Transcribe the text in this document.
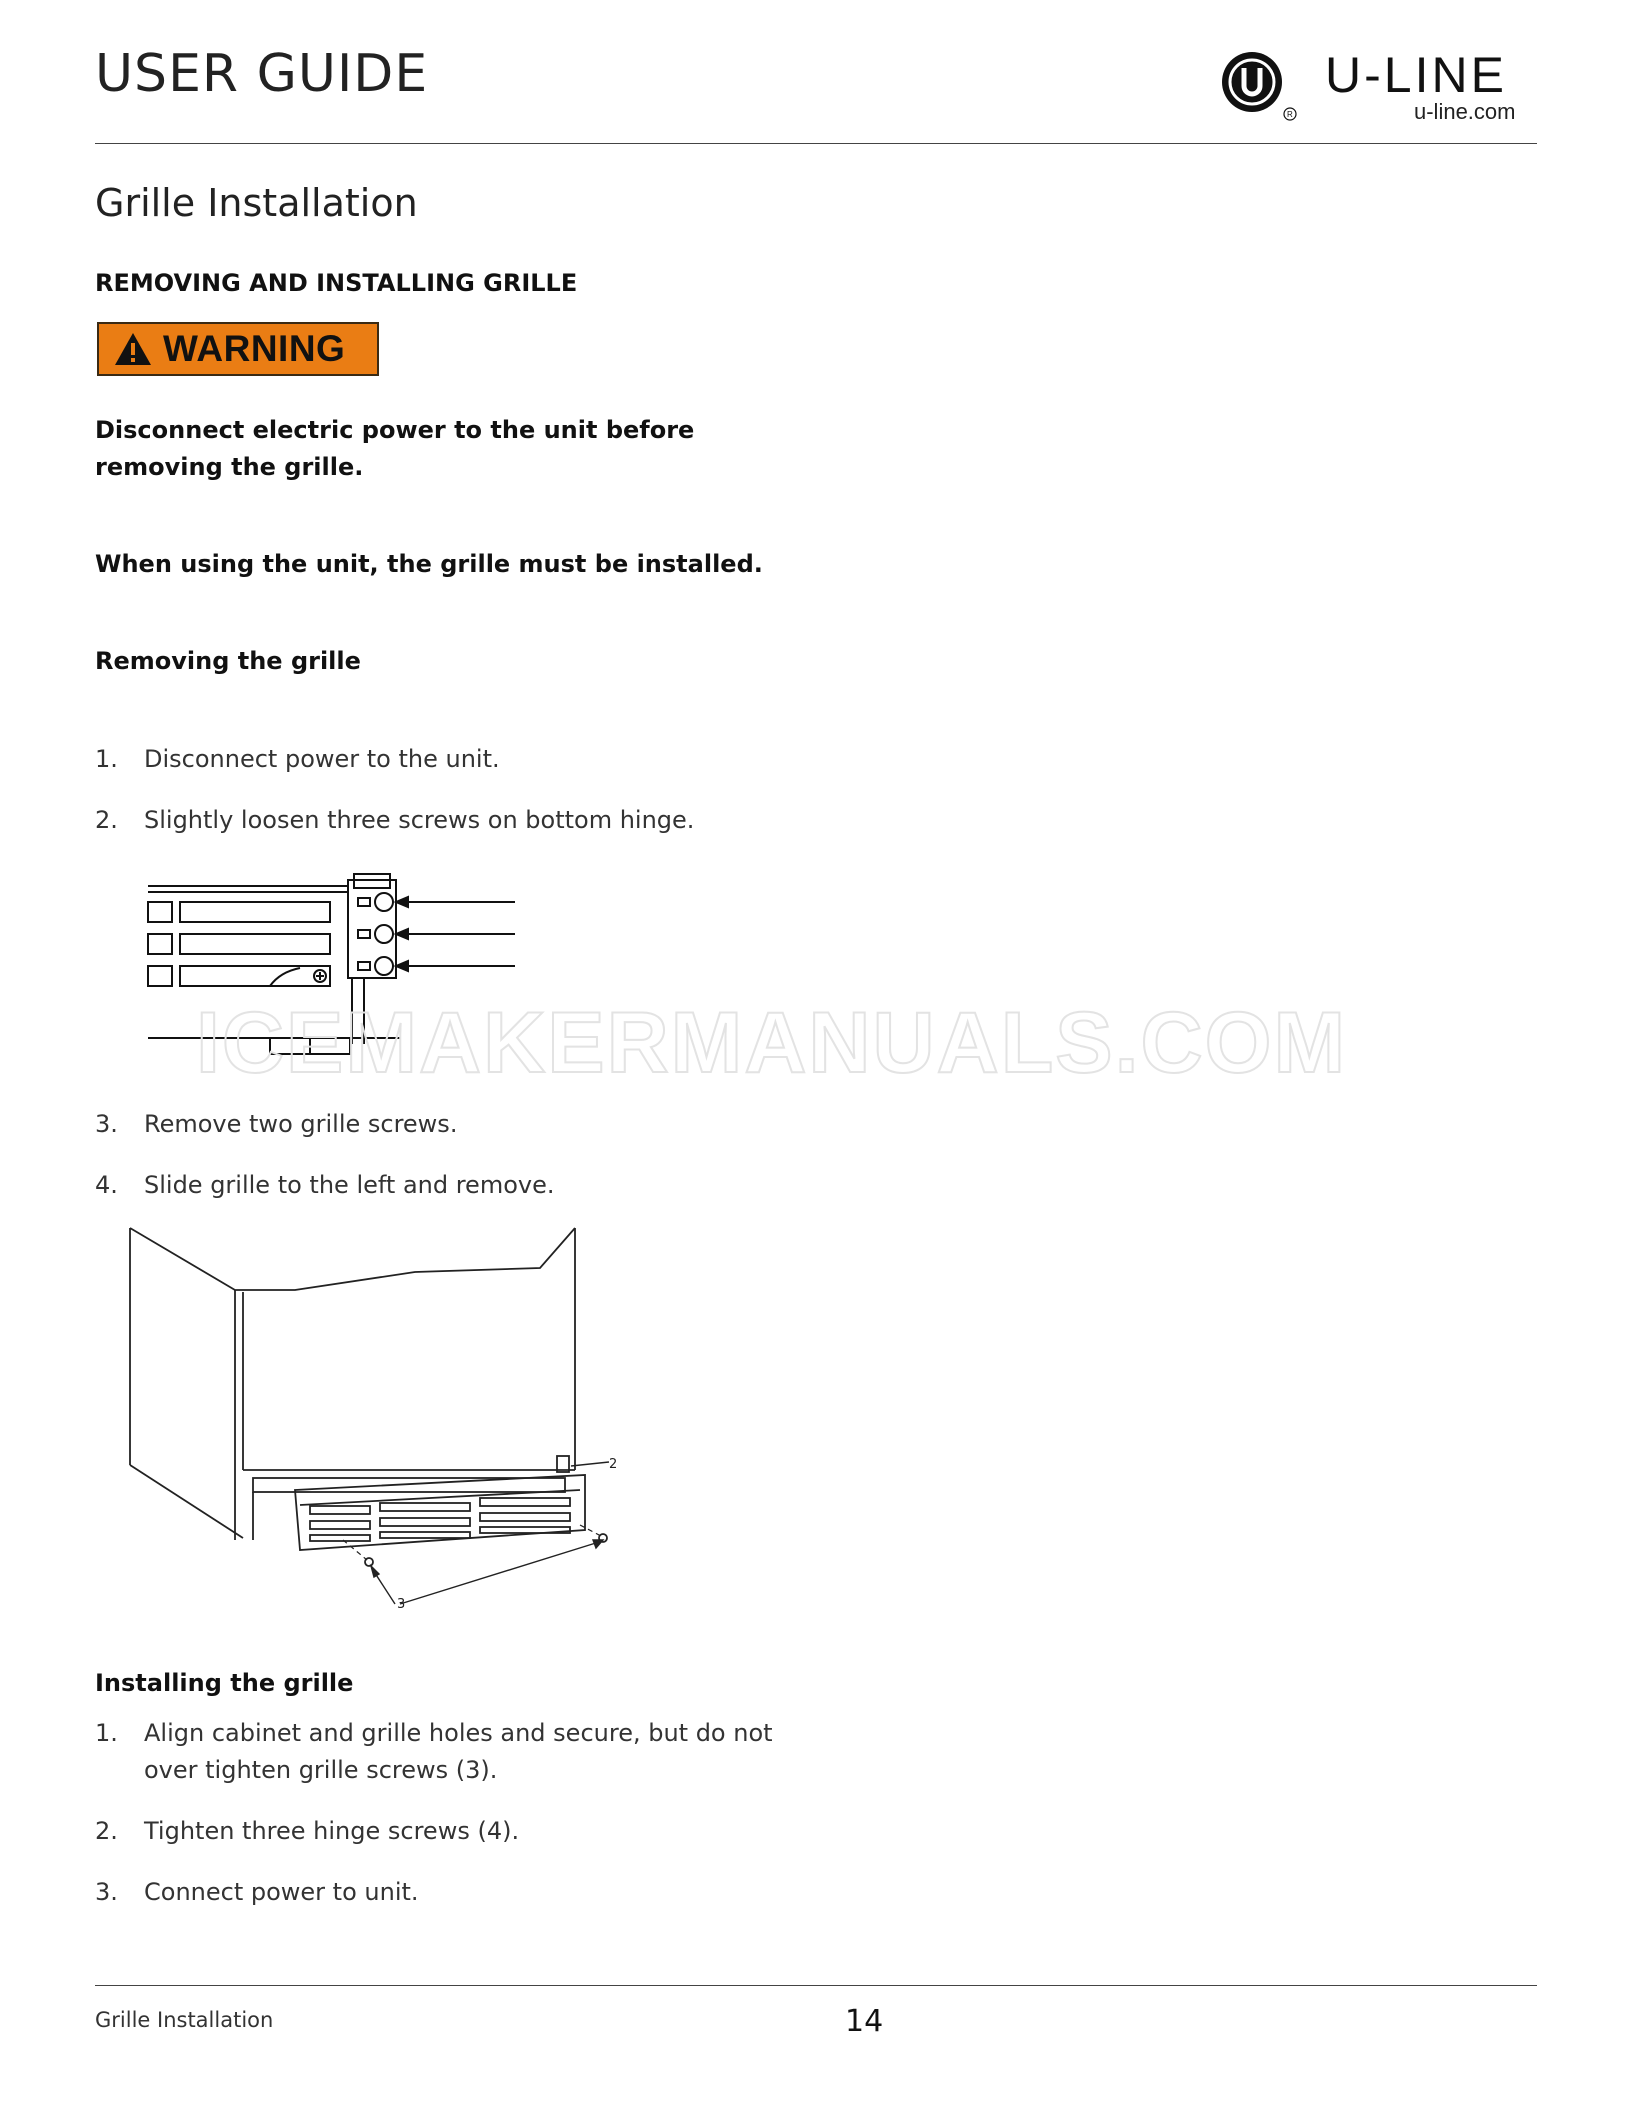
USER GUIDE
R
U-LINE
u-line.com
Grille Installation
REMOVING AND INSTALLING GRILLE
WARNING
Disconnect electric power to the unit before
removing the grille.
When using the unit, the grille must be installed.
Removing the grille
1.	Disconnect power to the unit.
2.	Slightly loosen three screws on bottom hinge.
ICEMAKERMANUALS.COM
3.	Remove two grille screws.
4.	Slide grille to the left and remove.
2
3
Installing the grille
1.	Align cabinet and grille holes and secure, but do not over tighten grille screws (3).
2.	Tighten three hinge screws (4).
3.	Connect power to unit.
Grille Installation	14
